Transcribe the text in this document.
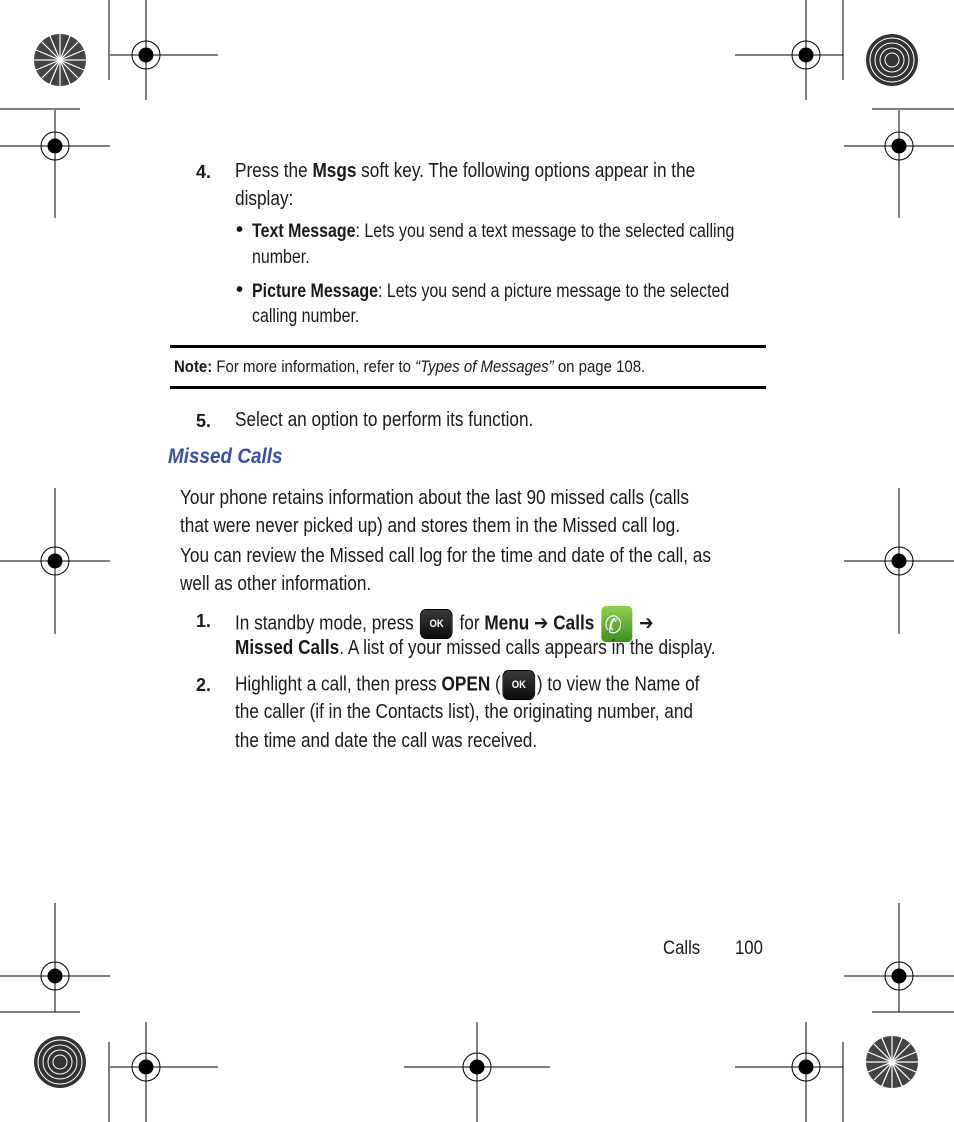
4. Press the Msgs soft key. The following options appear in the
display:
• Text Message: Lets you send a text message to the selected calling
number.
• Picture Message: Lets you send a picture message to the selected
calling number.
Note: For more information, refer to “Types of Messages” on page 108.
5. Select an option to perform its function.
Missed Calls
Your phone retains information about the last 90 missed calls (calls
that were never picked up) and stores them in the Missed call log.
You can review the Missed call log for the time and date of the call, as
well as other information.
1. In standby mode, press OK for Menu ➔ Calls ✆ ➔
Missed Calls. A list of your missed calls appears in the display.
2. Highlight a call, then press OPEN ( OK ) to view the Name of
the caller (if in the Contacts list), the originating number, and
the time and date the call was received.
Calls 100
